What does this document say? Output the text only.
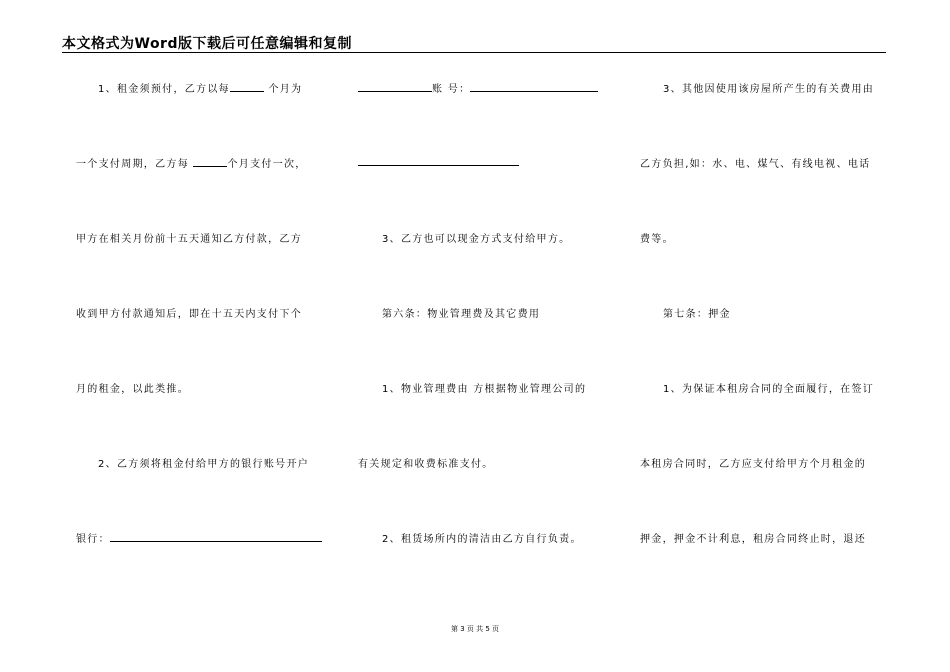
本文格式为Word版下载后可任意编辑和复制
1、租金须预付，乙方以每	个月为
一个支付周期，乙方每	个月支付一次，
甲方在相关月份前十五天通知乙方付款，乙方
收到甲方付款通知后，即在十五天内支付下个
月的租金，以此类推。
2、乙方须将租金付给甲方的银行账号开户
银行：
账 号：
3、乙方也可以现金方式支付给甲方。
第六条：物业管理费及其它费用
1、物业管理费由 方根据物业管理公司的
有关规定和收费标准支付。
2、租赁场所内的清洁由乙方自行负责。
3、其他因使用该房屋所产生的有关费用由
乙方负担,如：水、电、煤气、有线电视、电话
费等。
第七条：押金
1、为保证本租房合同的全面履行，在签订
本租房合同时，乙方应支付给甲方个月租金的
押金，押金不计利息，租房合同终止时，退还
第 3 页 共 5 页
